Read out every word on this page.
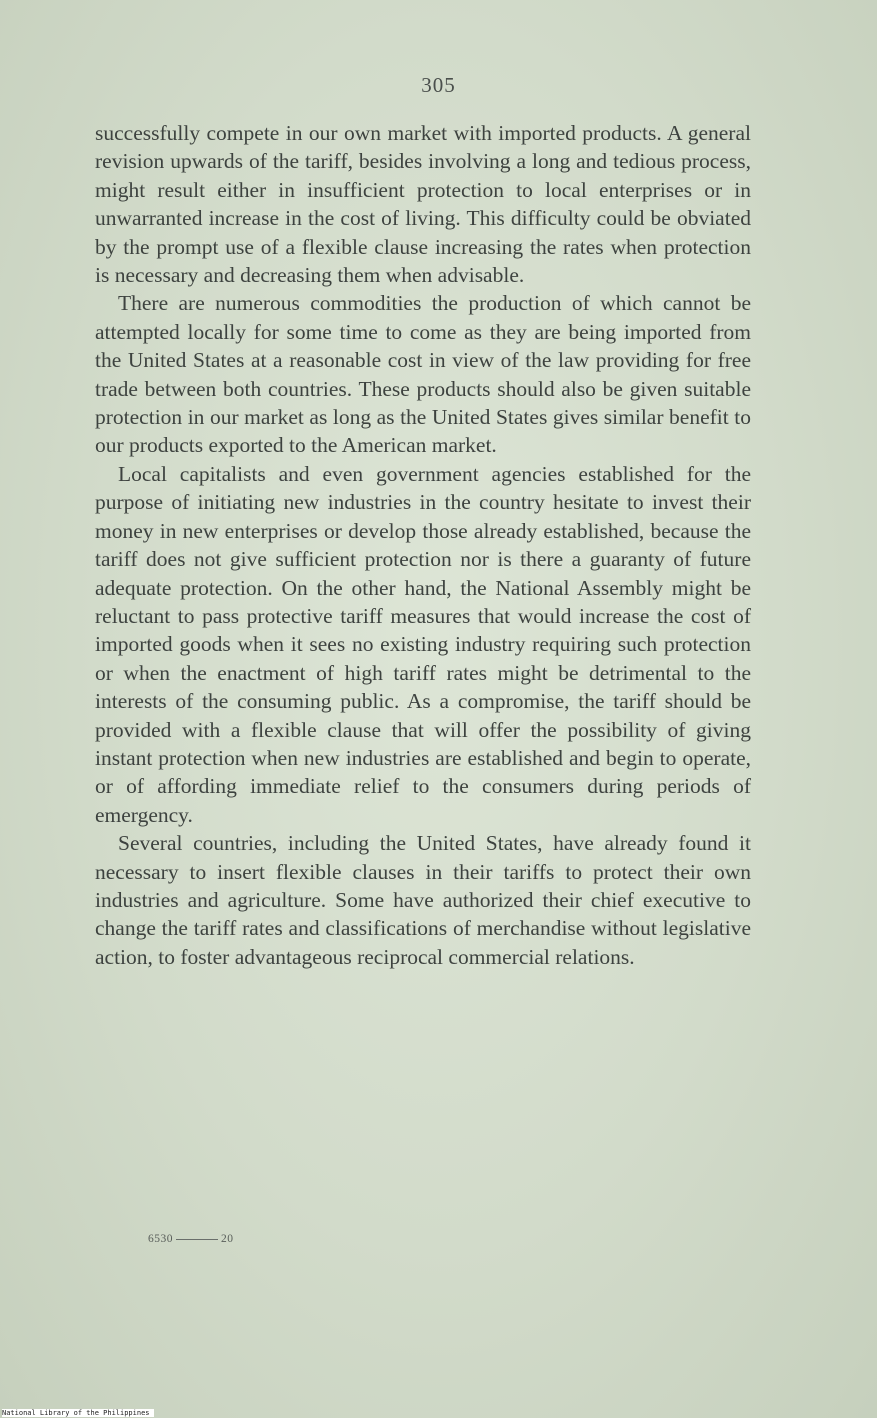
305

successfully compete in our own market with imported products. A general revision upwards of the tariff, besides involving a long and tedious process, might result either in insufficient protection to local enterprises or in unwarranted increase in the cost of living. This difficulty could be obviated by the prompt use of a flexible clause increasing the rates when protection is necessary and decreasing them when advisable.

There are numerous commodities the production of which cannot be attempted locally for some time to come as they are being imported from the United States at a reasonable cost in view of the law providing for free trade between both countries. These products should also be given suitable protection in our market as long as the United States gives similar benefit to our products exported to the American market.

Local capitalists and even government agencies established for the purpose of initiating new industries in the country hesitate to invest their money in new enterprises or develop those already established, because the tariff does not give sufficient protection nor is there a guaranty of future adequate protection. On the other hand, the National Assembly might be reluctant to pass protective tariff measures that would increase the cost of imported goods when it sees no existing industry requiring such protection or when the enactment of high tariff rates might be detrimental to the interests of the consuming public. As a compromise, the tariff should be provided with a flexible clause that will offer the possibility of giving instant protection when new industries are established and begin to operate, or of affording immediate relief to the consumers during periods of emergency.

Several countries, including the United States, have already found it necessary to insert flexible clauses in their tariffs to protect their own industries and agriculture. Some have authorized their chief executive to change the tariff rates and classifications of merchandise without legislative action, to foster advantageous reciprocal commercial relations.

6530	20
National Library of the Philippines
